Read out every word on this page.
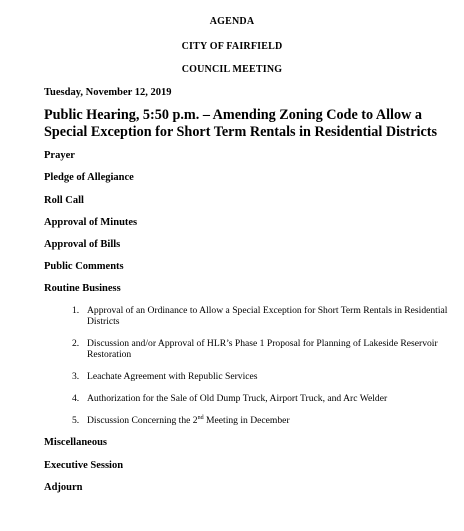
AGENDA
CITY OF FAIRFIELD
COUNCIL MEETING
Tuesday, November 12, 2019
Public Hearing, 5:50 p.m. – Amending Zoning Code to Allow a Special Exception for Short Term Rentals in Residential Districts
Prayer
Pledge of Allegiance
Roll Call
Approval of Minutes
Approval of Bills
Public Comments
Routine Business
1. Approval of an Ordinance to Allow a Special Exception for Short Term Rentals in Residential Districts
2. Discussion and/or Approval of HLR’s Phase 1 Proposal for Planning of Lakeside Reservoir Restoration
3. Leachate Agreement with Republic Services
4. Authorization for the Sale of Old Dump Truck, Airport Truck, and Arc Welder
5. Discussion Concerning the 2nd Meeting in December
Miscellaneous
Executive Session
Adjourn
